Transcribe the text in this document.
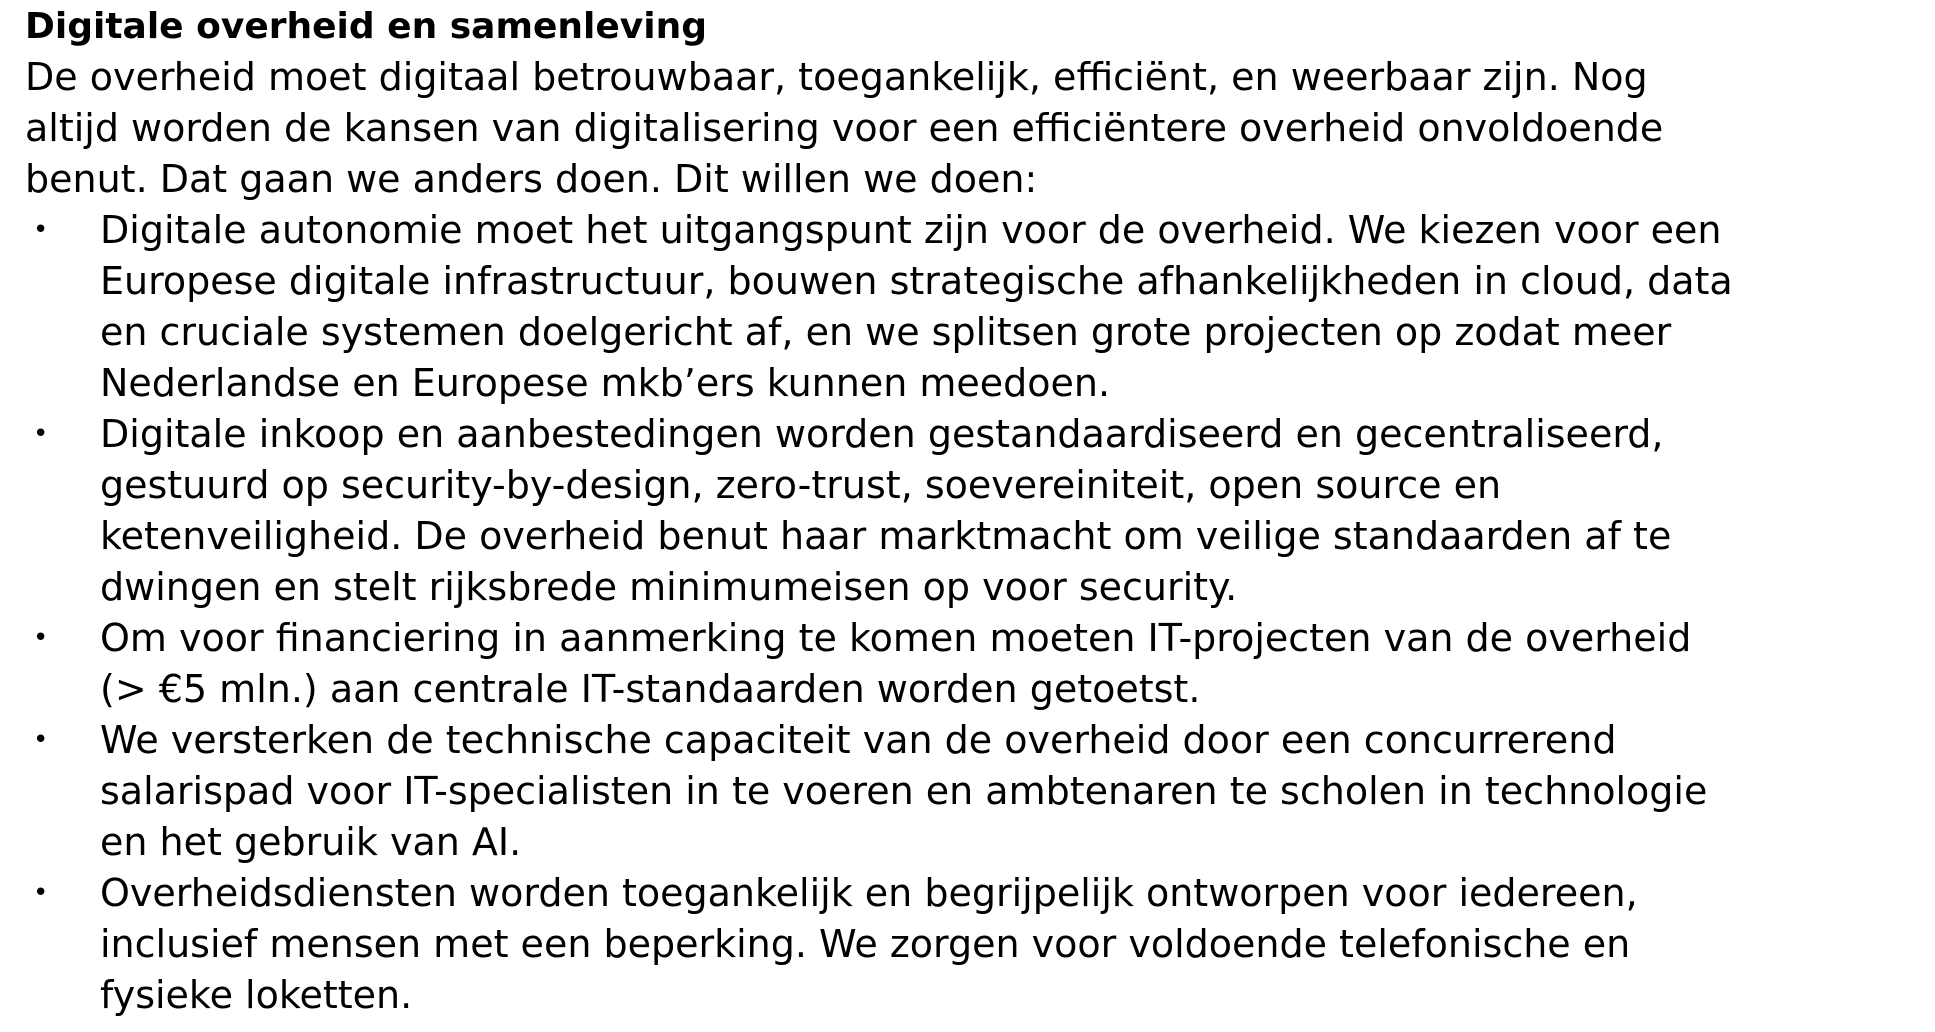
Digitale overheid en samenleving

De overheid moet digitaal betrouwbaar, toegankelijk, efficiënt, en weerbaar zijn. Nog
altijd worden de kansen van digitalisering voor een efficiëntere overheid onvoldoende
benut. Dat gaan we anders doen. Dit willen we doen:

•	Digitale autonomie moet het uitgangspunt zijn voor de overheid. We kiezen voor een
Europese digitale infrastructuur, bouwen strategische afhankelijkheden in cloud, data
en cruciale systemen doelgericht af, en we splitsen grote projecten op zodat meer
Nederlandse en Europese mkb’ers kunnen meedoen.
•	Digitale inkoop en aanbestedingen worden gestandaardiseerd en gecentraliseerd,
gestuurd op security-by-design, zero-trust, soevereiniteit, open source en
ketenveiligheid. De overheid benut haar marktmacht om veilige standaarden af te
dwingen en stelt rijksbrede minimumeisen op voor security.
•	Om voor financiering in aanmerking te komen moeten IT-projecten van de overheid
(> €5 mln.) aan centrale IT-standaarden worden getoetst.
•	We versterken de technische capaciteit van de overheid door een concurrerend
salarispad voor IT-specialisten in te voeren en ambtenaren te scholen in technologie
en het gebruik van AI.
•	Overheidsdiensten worden toegankelijk en begrijpelijk ontworpen voor iedereen,
inclusief mensen met een beperking. We zorgen voor voldoende telefonische en
fysieke loketten.
